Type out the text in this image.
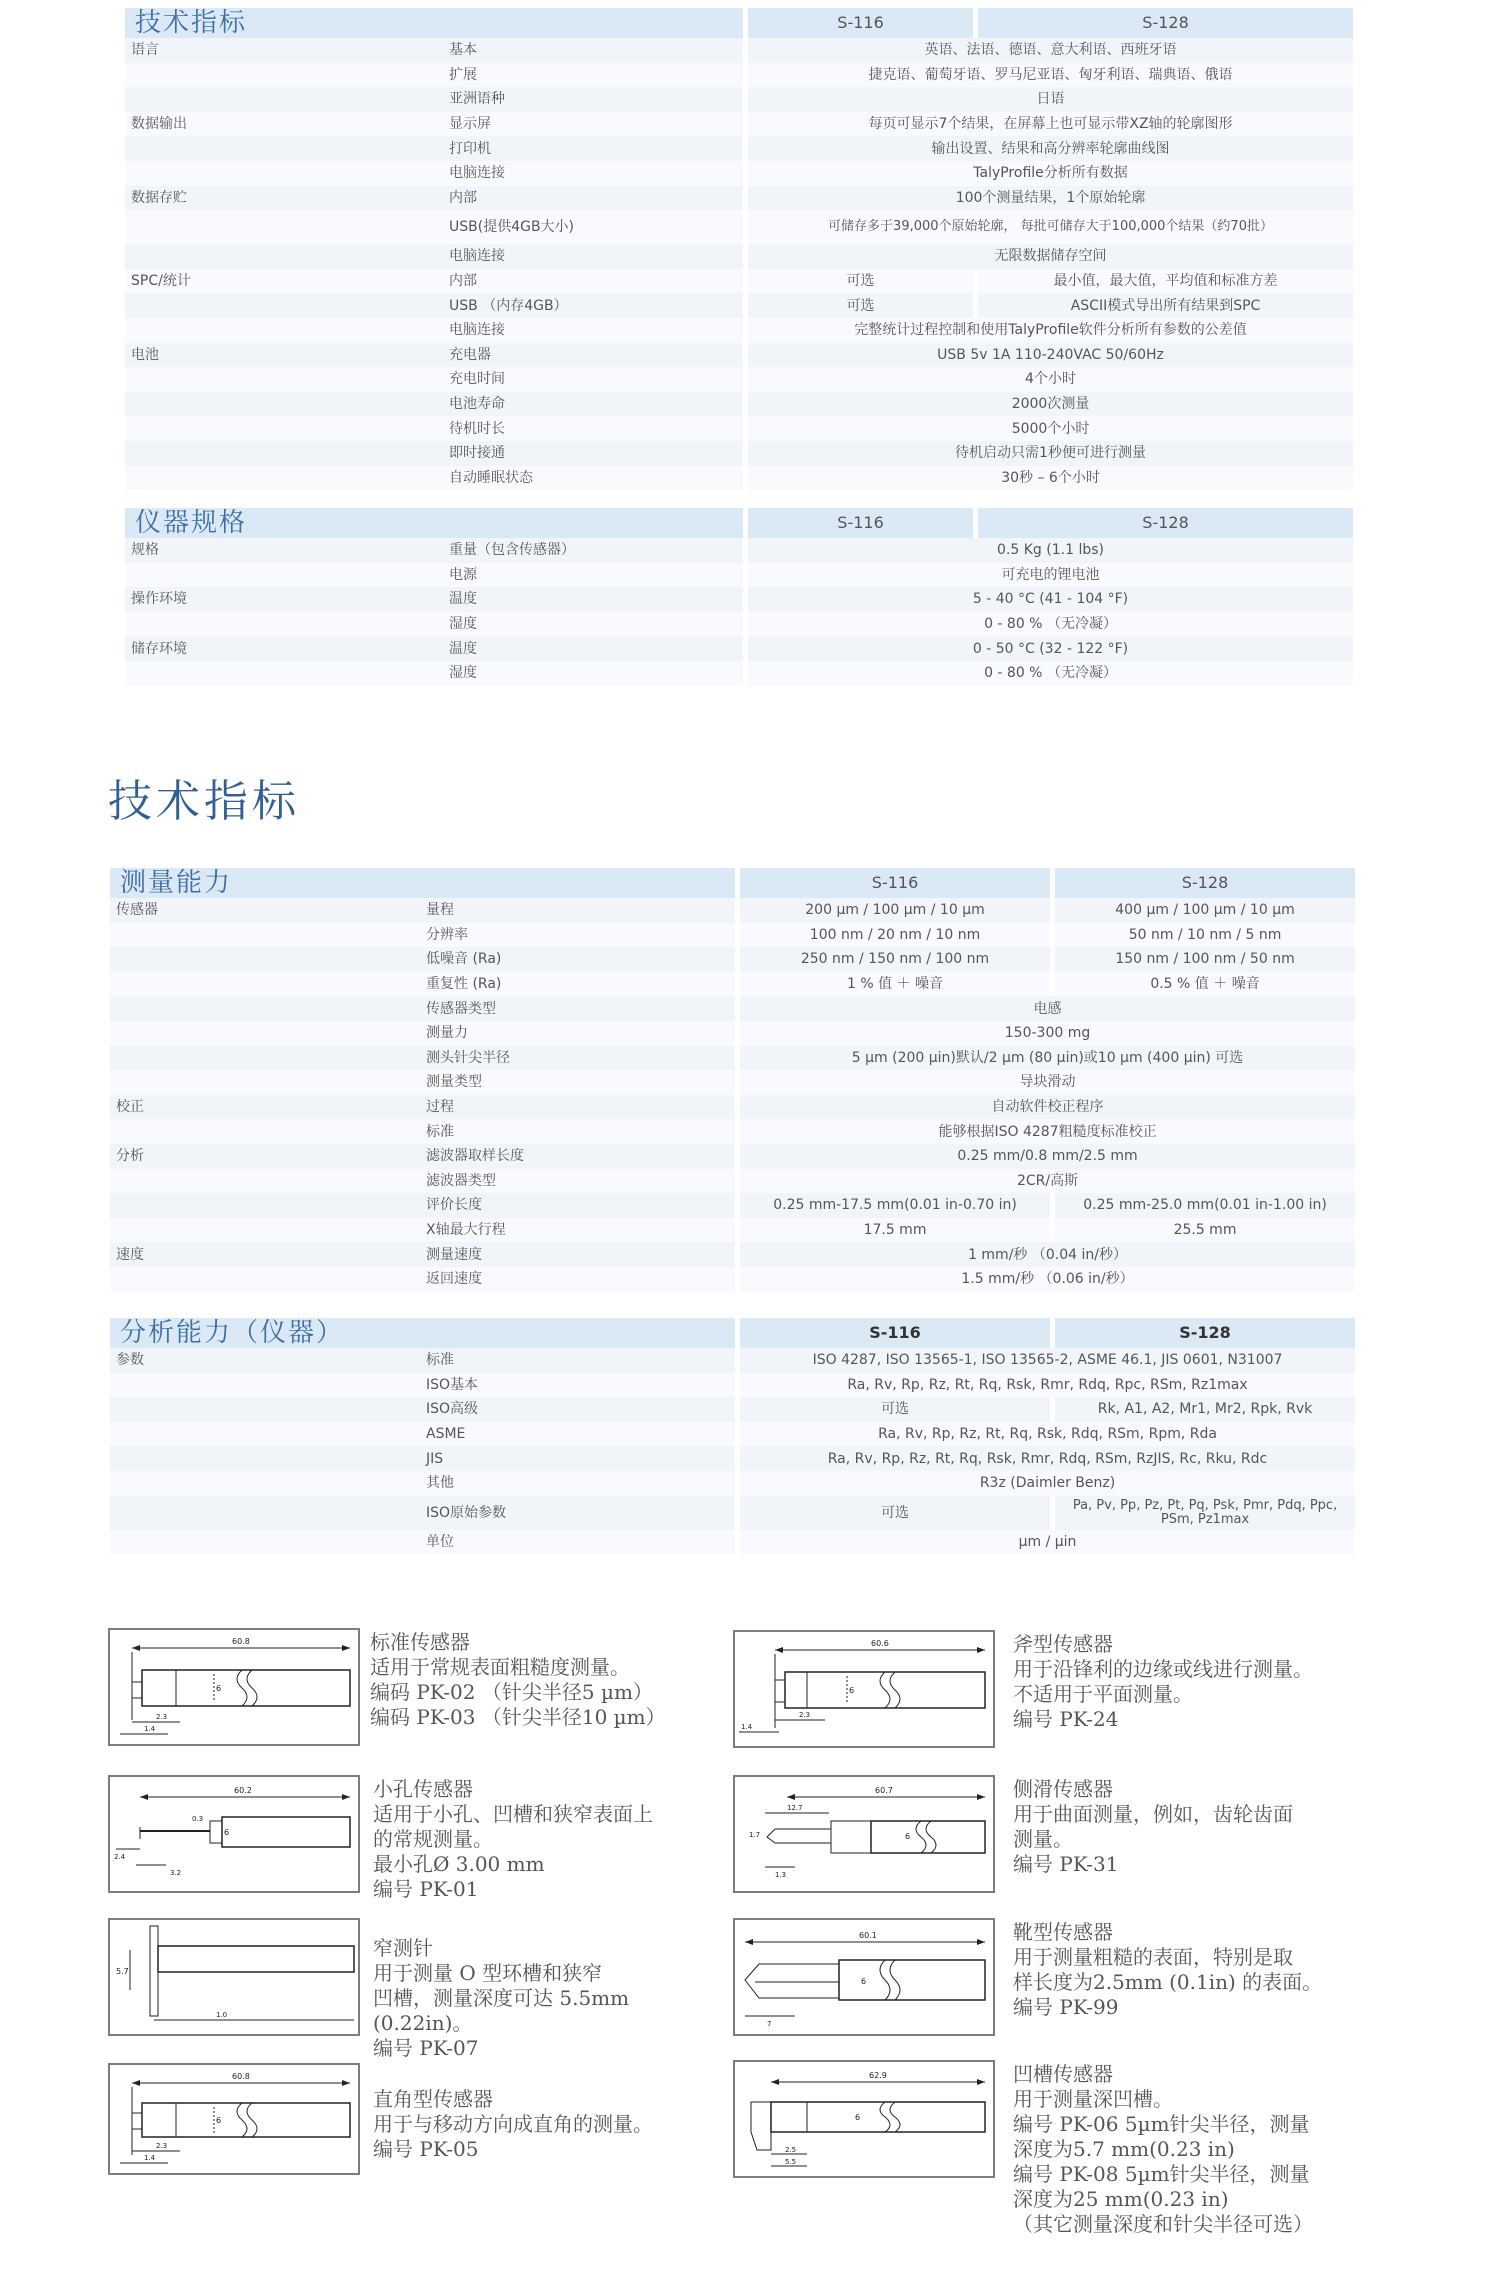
技术指标			S-116		S-128
语言	基本		英语、法语、德语、意大利语、西班牙语		
	扩展		捷克语、葡萄牙语、罗马尼亚语、匈牙利语、瑞典语、俄语		
	亚洲语种		日语		
数据输出	显示屏		每页可显示7个结果，在屏幕上也可显示带XZ轴的轮廓图形		
	打印机		输出设置、结果和高分辨率轮廓曲线图		
	电脑连接		TalyProfile分析所有数据		
数据存贮	内部		100个测量结果，1个原始轮廓		
	USB(提供4GB大小)		可储存多于39,000个原始轮廓， 每批可储存大于100,000个结果（约70批）		
	电脑连接		无限数据储存空间		
SPC/统计	内部		可选		最小值，最大值，平均值和标准方差
	USB （内存4GB）		可选		ASCII模式导出所有结果到SPC
	电脑连接		完整统计过程控制和使用TalyProfile软件分析所有参数的公差值		
电池	充电器		USB 5v 1A 110-240VAC 50/60Hz		
	充电时间		4个小时		
	电池寿命		2000次测量		
	待机时长		5000个小时		
	即时接通		待机启动只需1秒便可进行测量		
	自动睡眠状态		30秒 – 6个小时		
仪器规格			S-116		S-128
规格	重量（包含传感器）		0.5 Kg (1.1 lbs)		
	电源		可充电的锂电池		
操作环境	温度		5 - 40 °C (41 - 104 °F)		
	湿度		0 - 80 % （无冷凝）		
储存环境	温度		0 - 50 °C (32 - 122 °F)		
	湿度		0 - 80 % （无冷凝）		
技术指标
测量能力			S-116		S-128
传感器	量程		200 µm / 100 µm / 10 µm		400 µm / 100 µm / 10 µm
	分辨率		100 nm / 20 nm / 10 nm		50 nm / 10 nm / 5 nm
	低噪音 (Ra)		250 nm / 150 nm / 100 nm		150 nm / 100 nm / 50 nm
	重复性 (Ra)		1 % 值 ＋ 噪音		0.5 % 值 ＋ 噪音
	传感器类型		电感		
	测量力		150-300 mg		
	测头针尖半径		5 µm (200 µin)默认/2 µm (80 µin)或10 µm (400 µin) 可选		
	测量类型		导块滑动		
校正	过程		自动软件校正程序		
	标准		能够根据ISO 4287粗糙度标准校正		
分析	滤波器取样长度		0.25 mm/0.8 mm/2.5 mm		
	滤波器类型		2CR/高斯		
	评价长度		0.25 mm-17.5 mm(0.01 in-0.70 in)		0.25 mm-25.0 mm(0.01 in-1.00 in)
	X轴最大行程		17.5 mm		25.5 mm
速度	测量速度		1 mm/秒 （0.04 in/秒）		
	返回速度		1.5 mm/秒 （0.06 in/秒）		
分析能力（仪器）			S-116		S-128
参数	标准		ISO 4287, ISO 13565-1, ISO 13565-2, ASME 46.1, JIS 0601, N31007		
	ISO基本		Ra, Rv, Rp, Rz, Rt, Rq, Rsk, Rmr, Rdq, Rpc, RSm, Rz1max		
	ISO高级		可选		Rk, A1, A2, Mr1, Mr2, Rpk, Rvk
	ASME		Ra, Rv, Rp, Rz, Rt, Rq, Rsk, Rdq, RSm, Rpm, Rda		
	JIS		Ra, Rv, Rp, Rz, Rt, Rq, Rsk, Rmr, Rdq, RSm, RzJIS, Rc, Rku, Rdc		
	其他		R3z (Daimler Benz)		
	ISO原始参数		可选		Pa, Pv, Pp, Pz, Pt, Pq, Psk, Pmr, Pdq, Ppc, PSm, Pz1max
	单位		µm / µin		
60.8
6
2.3
1.4
标准传感器
适用于常规表面粗糙度测量。
编码 PK-02 （针尖半径5 µm）
编码 PK-03 （针尖半径10 µm）
60.6
6
2.3
1.4
斧型传感器
用于沿锋利的边缘或线进行测量。
不适用于平面测量。
编号 PK-24
60.2
0.3
6
2.4
3.2
小孔传感器
适用于小孔、凹槽和狭窄表面上
的常规测量。
最小孔Ø 3.00 mm
编号 PK-01
60.7
12.7
6
1.7
1.3
侧滑传感器
用于曲面测量，例如，齿轮齿面
测量。
编号 PK-31
5.7
1.0
窄测针
用于测量 O 型环槽和狭窄
凹槽，测量深度可达 5.5mm
(0.22in)。
编号 PK-07
60.1
6
7
靴型传感器
用于测量粗糙的表面，特别是取
样长度为2.5mm (0.1in) 的表面。
编号 PK-99
60.8
6
2.3
1.4
直角型传感器
用于与移动方向成直角的测量。
编号 PK-05
62.9
6
2.5
5.5
凹槽传感器
用于测量深凹槽。
编号 PK-06 5µm针尖半径，测量
深度为5.7 mm(0.23 in)
编号 PK-08 5µm针尖半径，测量
深度为25 mm(0.23 in)
（其它测量深度和针尖半径可选）
